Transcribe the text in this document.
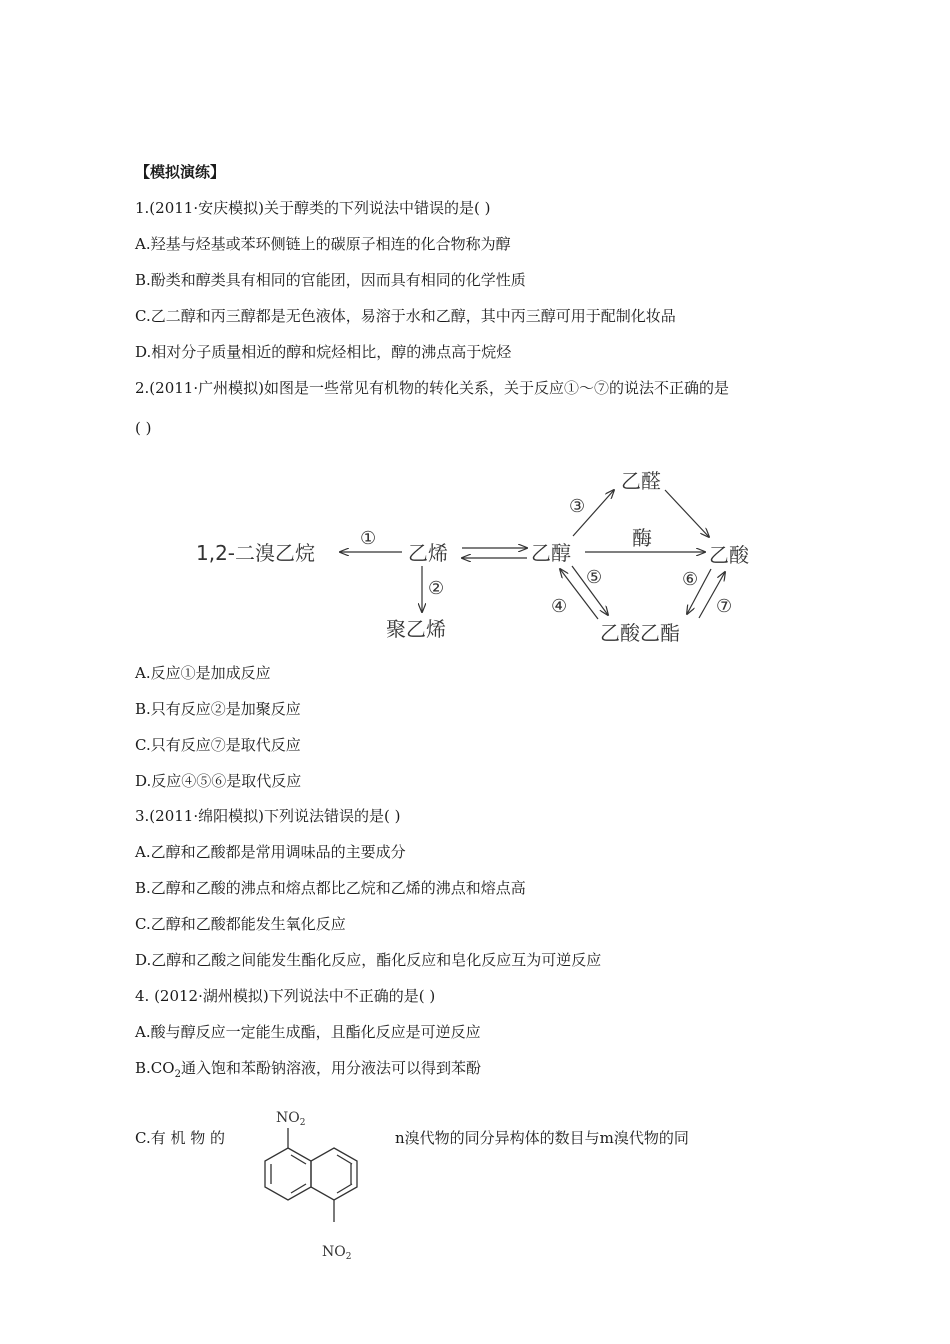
【模拟演练】
1.(2011·安庆模拟)关于醇类的下列说法中错误的是( )
A.羟基与烃基或苯环侧链上的碳原子相连的化合物称为醇
B.酚类和醇类具有相同的官能团，因而具有相同的化学性质
C.乙二醇和丙三醇都是无色液体，易溶于水和乙醇，其中丙三醇可用于配制化妆品
D.相对分子质量相近的醇和烷烃相比，醇的沸点高于烷烃
2.(2011·广州模拟)如图是一些常见有机物的转化关系，关于反应①～⑦的说法不正确的是
( )
1,2-二溴乙烷	乙烯	乙醇
乙醛
乙酸
乙酸乙酯
聚乙烯
①
②
③
酶
⑤
④
⑥
⑦
A.反应①是加成反应
B.只有反应②是加聚反应
C.只有反应⑦是取代反应
D.反应④⑤⑥是取代反应
3.(2011·绵阳模拟)下列说法错误的是( )
A.乙醇和乙酸都是常用调味品的主要成分
B.乙醇和乙酸的沸点和熔点都比乙烷和乙烯的沸点和熔点高
C.乙醇和乙酸都能发生氧化反应
D.乙醇和乙酸之间能发生酯化反应，酯化反应和皂化反应互为可逆反应
4. (2012·湖州模拟)下列说法中不正确的是( )
A.酸与醇反应一定能生成酯，且酯化反应是可逆反应
$B.CO_2$通入饱和苯酚钠溶液，用分液法可以得到苯酚
C.有 机 物 的	n溴代物的同分异构体的数目与m溴代物的同
$NO_2$
$NO_2$
